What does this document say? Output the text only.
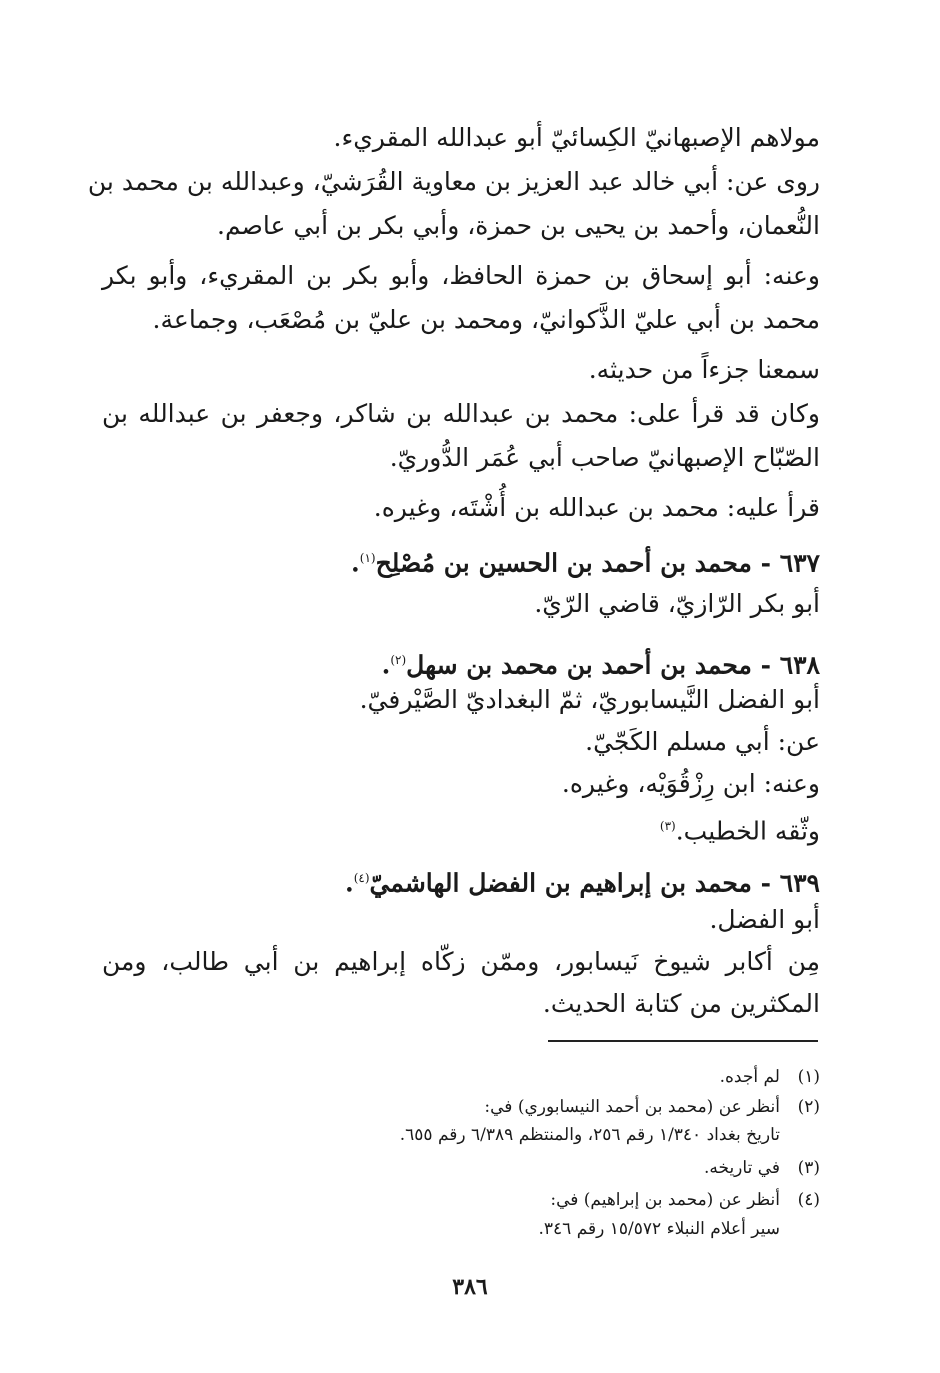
مولاهم الإصبهانيّ الكِسائيّ أبو عبدالله المقريء.
روى عن: أبي خالد عبد العزيز بن معاوية القُرَشيّ، وعبدالله بن محمد بن
النُّعمان، وأحمد بن يحيى بن حمزة، وأبي بكر بن أبي عاصم.
وعنه: أبو إسحاق بن حمزة الحافظ، وأبو بكر بن المقريء، وأبو بكر
محمد بن أبي عليّ الذَّكوانيّ، ومحمد بن عليّ بن مُصْعَب، وجماعة.
سمعنا جزءاً من حديثه.
وكان قد قرأ على: محمد بن عبدالله بن شاكر، وجعفر بن عبدالله بن
الصّبّاح الإصبهانيّ صاحب أبي عُمَر الدُّوريّ.
قرأ عليه: محمد بن عبدالله بن أُشْتَه، وغيره.
٦٣٧ - محمد بن أحمد بن الحسين بن مُصْلِح$^{(١)}$.
أبو بكر الرّازيّ، قاضي الرّيّ.
٦٣٨ - محمد بن أحمد بن محمد بن سهل$^{(٢)}$.
أبو الفضل النَّيسابوريّ، ثمّ البغداديّ الصَّيْرفيّ.
عن: أبي مسلم الكَجّيّ.
وعنه: ابن رِزْقُوَيْه، وغيره.
وثّقه الخطيب.$^{(٣)}$
٦٣٩ - محمد بن إبراهيم بن الفضل الهاشميّ$^{(٤)}$.
أبو الفضل.
مِن أكابر شيوخ نَيسابور، وممّن زكّاه إبراهيم بن أبي طالب، ومن
المكثرين من كتابة الحديث.
(١)لم أجده.
(٢)أنظر عن (محمد بن أحمد النيسابوري) في:
تاريخ بغداد ١/٣٤٠ رقم ٢٥٦، والمنتظم ٦/٣٨٩ رقم ٦٥٥.
(٣)في تاريخه.
(٤)أنظر عن (محمد بن إبراهيم) في:
سير أعلام النبلاء ١٥/٥٧٢ رقم ٣٤٦.
٣٨٦
